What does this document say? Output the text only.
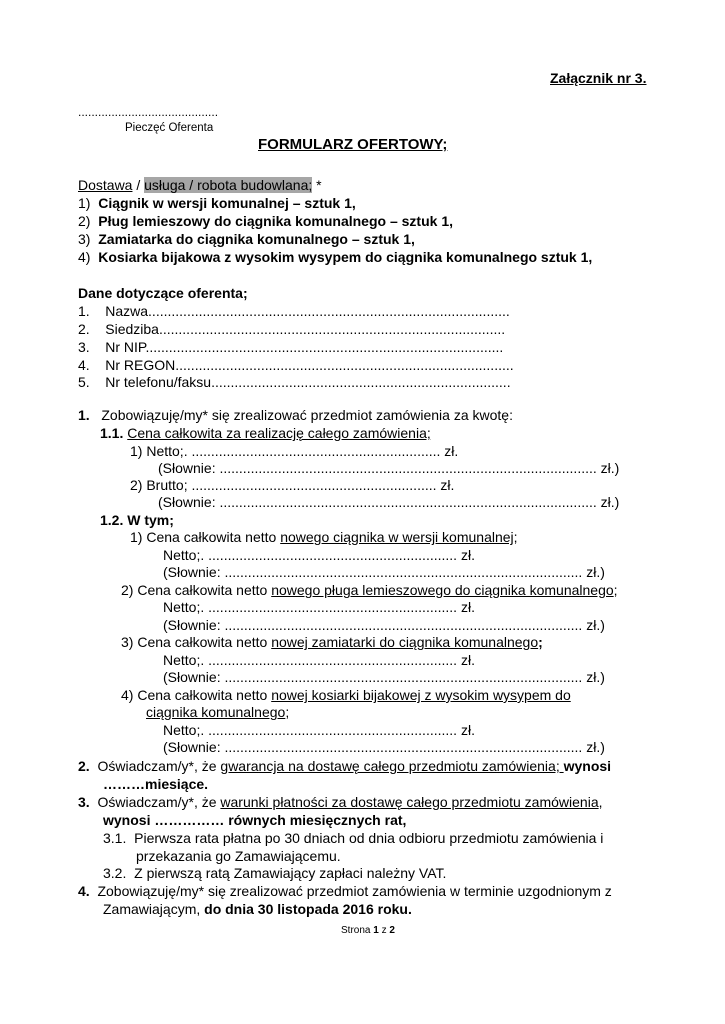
Załącznik nr 3.
..........................................
Pieczęć Oferenta
FORMULARZ OFERTOWY;
Dostawa / usługa / robota budowlana; *
1) Ciągnik w wersji komunalnej – sztuk 1,
2) Pług lemieszowy do ciągnika komunalnego – sztuk 1,
3) Zamiatarka do ciągnika komunalnego – sztuk 1,
4) Kosiarka bijakowa z wysokim wysypem do ciągnika komunalnego sztuk 1,
Dane dotyczące oferenta;
1. Nazwa.............................................................................................
2. Siedziba.........................................................................................
3. Nr NIP............................................................................................
4. Nr REGON.......................................................................................
5. Nr telefonu/faksu.............................................................................
1. Zobowiązuję/my* się zrealizować przedmiot zamówienia za kwotę:
1.1. Cena całkowita za realizację całego zamówienia;
1) Netto;. ................................................................ zł.
(Słownie: ................................................................................................. zł.)
2) Brutto; ............................................................... zł.
(Słownie: ................................................................................................. zł.)
1.2. W tym;
1) Cena całkowita netto nowego ciągnika w wersji komunalnej;
Netto;. ................................................................ zł.
(Słownie: ............................................................................................ zł.)
2) Cena całkowita netto nowego pługa lemieszowego do ciągnika komunalnego;
Netto;. ................................................................ zł.
(Słownie: ............................................................................................ zł.)
3) Cena całkowita netto nowej zamiatarki do ciągnika komunalnego;
Netto;. ................................................................ zł.
(Słownie: ............................................................................................ zł.)
4) Cena całkowita netto nowej kosiarki bijakowej z wysokim wysypem do
ciągnika komunalnego;
Netto;. ................................................................ zł.
(Słownie: ............................................................................................ zł.)
2. Oświadczam/y*, że gwarancja na dostawę całego przedmiotu zamówienia; wynosi
………miesiące.
3. Oświadczam/y*, że warunki płatności za dostawę całego przedmiotu zamówienia,
wynosi …………… równych miesięcznych rat,
3.1. Pierwsza rata płatna po 30 dniach od dnia odbioru przedmiotu zamówienia i
przekazania go Zamawiającemu.
3.2. Z pierwszą ratą Zamawiający zapłaci należny VAT.
4. Zobowiązuję/my* się zrealizować przedmiot zamówienia w terminie uzgodnionym z
Zamawiającym, do dnia 30 listopada 2016 roku.
Strona 1 z 2
